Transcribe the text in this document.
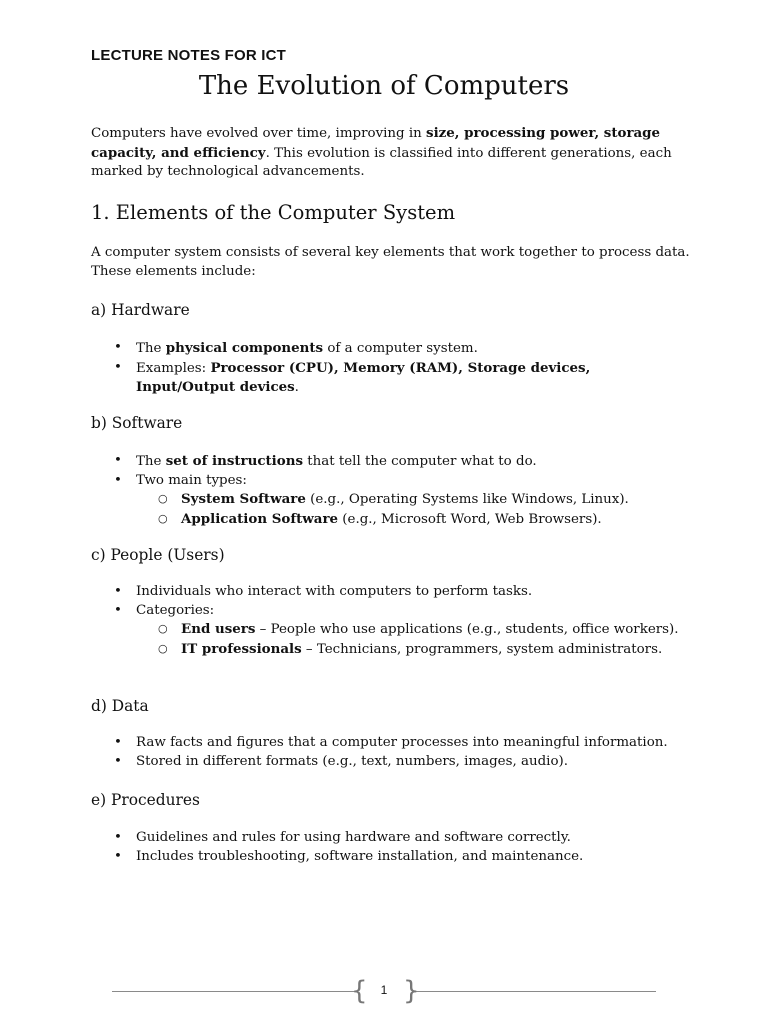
LECTURE NOTES FOR ICT

The Evolution of Computers

Computers have evolved over time, improving in size, processing power, storage capacity, and efficiency. This evolution is classified into different generations, each marked by technological advancements.

1. Elements of the Computer System

A computer system consists of several key elements that work together to process data. These elements include:

a) Hardware
• The physical components of a computer system.
• Examples: Processor (CPU), Memory (RAM), Storage devices, Input/Output devices.
b) Software
• The set of instructions that tell the computer what to do.
• Two main types:
○ System Software (e.g., Operating Systems like Windows, Linux).
○ Application Software (e.g., Microsoft Word, Web Browsers).
c) People (Users)
• Individuals who interact with computers to perform tasks.
• Categories:
○ End users – People who use applications (e.g., students, office workers).
○ IT professionals – Technicians, programmers, system administrators.
d) Data
• Raw facts and figures that a computer processes into meaningful information.
• Stored in different formats (e.g., text, numbers, images, audio).
e) Procedures
• Guidelines and rules for using hardware and software correctly.
• Includes troubleshooting, software installation, and maintenance.
{ }
1
